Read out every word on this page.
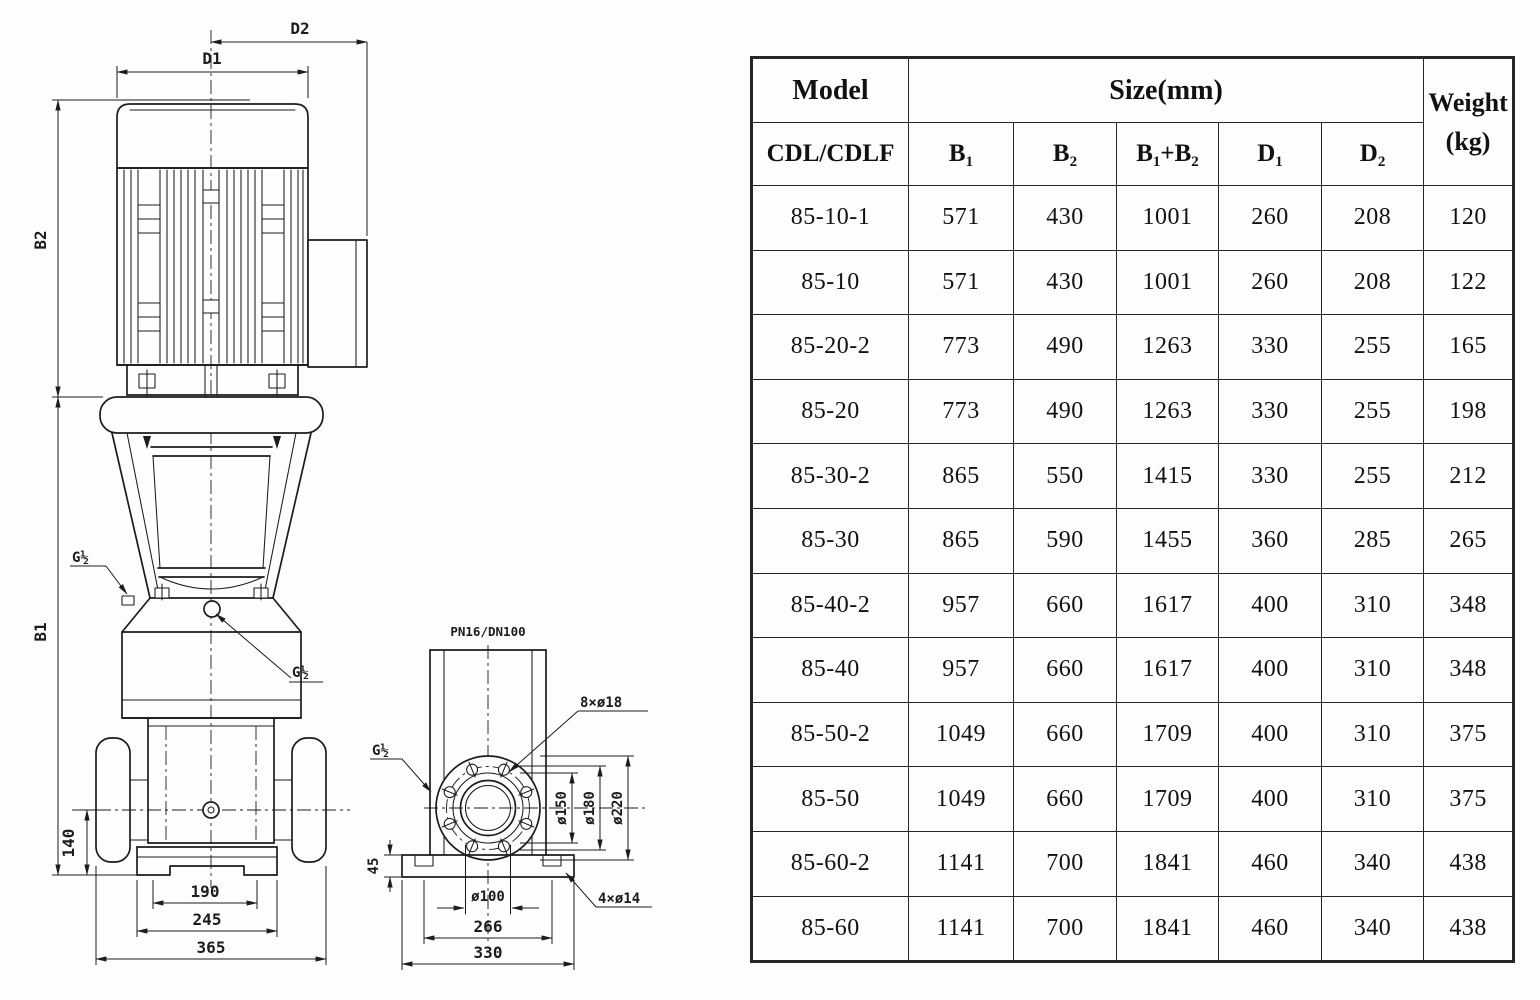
D1
D2
B2
B1
140
190
245
365
G½
G½
PN16/DN100
8×ø18
G½
ø150 ø180 ø220
45
ø100
266
330
4×ø14
Model	Size(mm)					Weight
(kg)

CDL/CDLF	$B_1$	$B_2$	$B_1+B_2$	$D_1$	$D_2$
85-10-1	571	430	1001	260	208	120
85-10	571	430	1001	260	208	122
85-20-2	773	490	1263	330	255	165
85-20	773	490	1263	330	255	198
85-30-2	865	550	1415	330	255	212
85-30	865	590	1455	360	285	265
85-40-2	957	660	1617	400	310	348
85-40	957	660	1617	400	310	348
85-50-2	1049	660	1709	400	310	375
85-50	1049	660	1709	400	310	375
85-60-2	1141	700	1841	460	340	438
85-60	1141	700	1841	460	340	438
